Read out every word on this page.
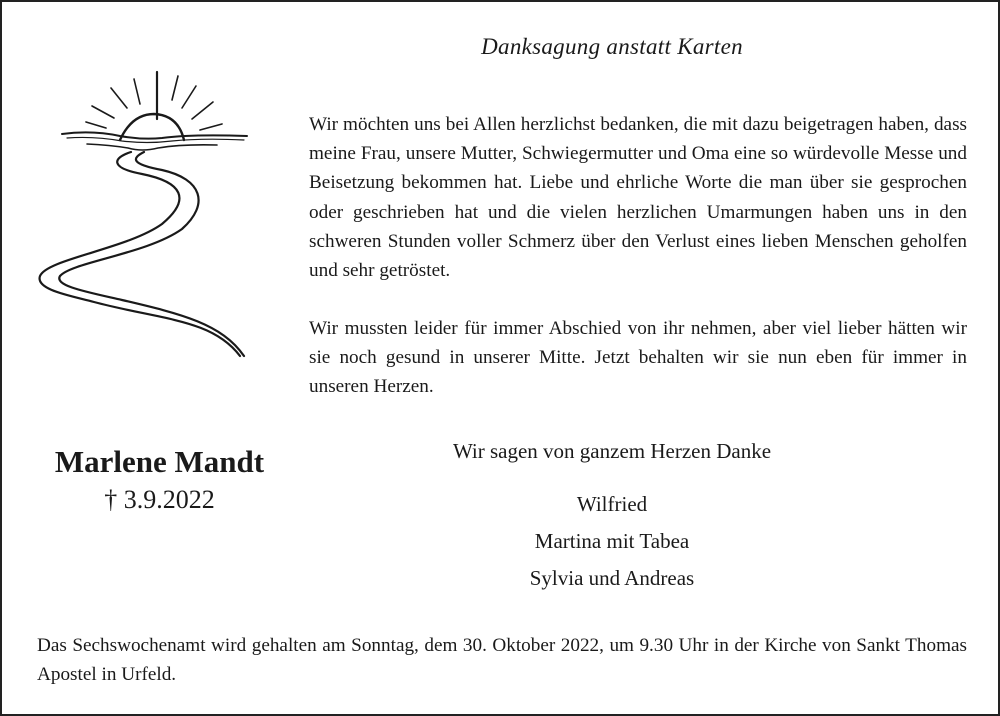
Danksagung anstatt Karten

Wir möchten uns bei Allen herzlichst bedanken, die mit dazu beigetragen haben, dass meine Frau, unsere Mutter, Schwiegermutter und Oma eine so würdevolle Messe und Beisetzung bekommen hat. Liebe und ehrliche Worte die man über sie gesprochen oder geschrieben hat und die vielen herzlichen Umarmungen haben uns in den schweren Stunden voller Schmerz über den Verlust eines lieben Menschen geholfen und sehr getröstet.

Wir mussten leider für immer Abschied von ihr nehmen, aber viel lieber hätten wir sie noch gesund in unserer Mitte. Jetzt behalten wir sie nun eben für immer in unseren Herzen.

Marlene Mandt
† 3.9.2022
Wir sagen von ganzem Herzen Danke
Wilfried
Martina mit Tabea
Sylvia und Andreas

Das Sechswochenamt wird gehalten am Sonntag, dem 30. Oktober 2022, um 9.30 Uhr in der Kirche von Sankt Thomas Apostel in Urfeld.
